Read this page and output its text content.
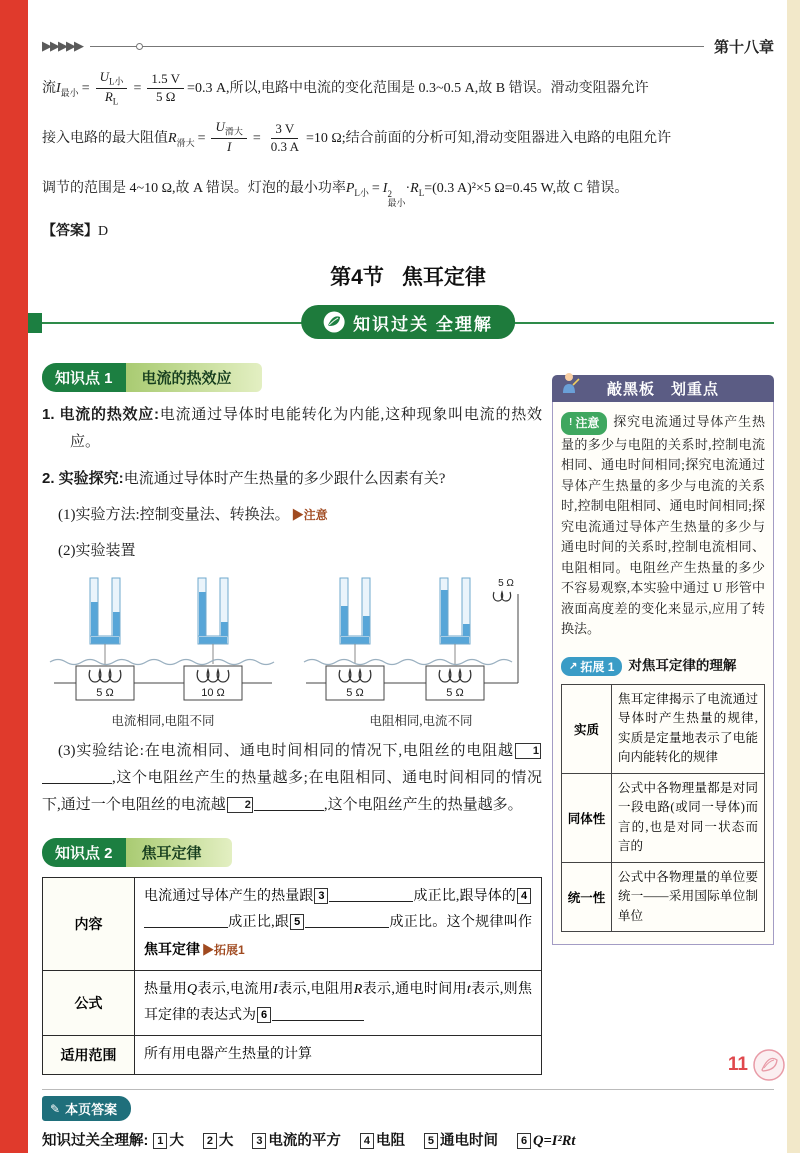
▶▶▶▶▶	第十八章
流$I_{最小} = \frac{U_{L小}}{R_L} = \frac{1.5 V}{5 \Omega} =0.3$ A,所以,电路中电流的变化范围是 0.3~0.5 A,故 B 错误。滑动变阻器允许
接入电路的最大阻值$R_{滑大} = \frac{U_{滑大}}{I} = \frac{3 V}{0.3 A} =10$ Ω;结合前面的分析可知,滑动变阻器进入电路的电阻允许
调节的范围是 4~10 Ω,故 A 错误。灯泡的最小功率$P_{L小} = I$ 2
最小
$\cdot R_L=(0.3$ A)²×5 Ω=0.45 W,故 C 错误。
【答案】D
第4节 焦耳定律
知识过关 全理解
知识点 1	电流的热效应

1. 电流的热效应:电流通过导体时电能转化为内能,这种现象叫电流的热效应。

2. 实验探究:电流通过导体时产生热量的多少跟什么因素有关?

(1)实验方法:控制变量法、转换法。 ▶注意

(2)实验装置

5 Ω	10 Ω
电流相同,电阻不同
5 Ω
5 Ω	5 Ω
电阻相同,电流不同

(3)实验结论:在电流相同、通电时间相同的情况下,电阻丝的电阻越 1,这个电阻丝产生的热量越多;在电阻相同、通电时间相同的情况下,通过一个电阻丝的电流越 2	,这个电阻丝产生的热量越多。

知识点 2	焦耳定律
内容	电流通过导体产生的热量跟 3 成正比,跟导体的 4成正比,跟 5 成正比。这个规律叫作焦耳定律 ▶拓展1
公式	热量用Q表示,电流用I表示,电阻用R表示,通电时间用t表示,则焦耳定律的表达式为 6
适用范围	所有用电器产生热量的计算
敲黑板　划重点

! 注意 探究电流通过导体产生热量的多少与电阻的关系时,控制电流相同、通电时间相同;探究电流通过导体产生热量的多少与电流的关系时,控制电阻相同、通电时间相同;探究电流通过导体产生热量的多少与通电时间的关系时,控制电流相同、电阻相同。电阻丝产生热量的多少不容易观察,本实验中通过 U 形管中液面高度差的变化来显示,应用了转换法。

↗ 拓展 1 对焦耳定律的理解

实质	焦耳定律揭示了电流通过导体时产生热量的规律,实质是定量地表示了电能向内能转化的规律
同体性	公式中各物理量都是对同一段电路(或同一导体)而言的,也是对同一状态而言的
统一性	公式中各物理量的单位要统一——采用国际单位制单位
✎ 本页答案

知识过关全理解: 1 大 2 大 3 电流的平方 4 电阻 5 通电时间 6 Q=I²Rt

11
